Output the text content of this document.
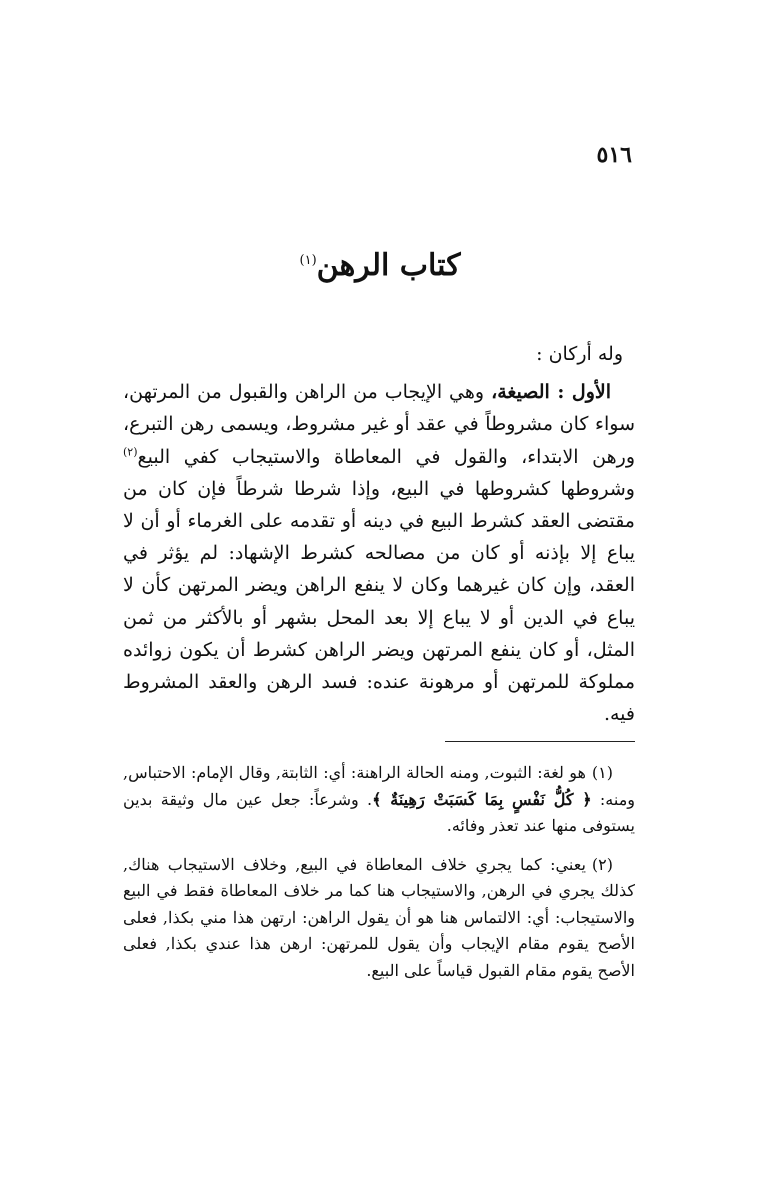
٥١٦
كتاب الرهن$^{(١)}$

وله أركان :

الأول : الصيغة، وهي الإيجاب من الراهن والقبول من المرتهن، سواء كان مشروطاً في عقد أو غير مشروط، ويسمى رهن التبرع، ورهن الابتداء، والقول في المعاطاة والاستيجاب كفي البيع$^{(٢)}$ وشروطها كشروطها في البيع، وإذا شرطا شرطاً فإن كان من مقتضى العقد كشرط البيع في دينه أو تقدمه على الغرماء أو أن لا يباع إلا بإذنه أو كان من مصالحه كشرط الإشهاد: لم يؤثر في العقد، وإن كان غيرهما وكان لا ينفع الراهن ويضر المرتهن كأن لا يباع في الدين أو لا يباع إلا بعد المحل بشهر أو بالأكثر من ثمن المثل، أو كان ينفع المرتهن ويضر الراهن كشرط أن يكون زوائده مملوكة للمرتهن أو مرهونة عنده: فسد الرهن والعقد المشروط فيه.

(١)هو لغة: الثبوت, ومنه الحالة الراهنة: أي: الثابتة, وقال الإمام: الاحتباس, ومنه: ﴿ كُلُّ نَفْسٍ بِمَا كَسَبَتْ رَهِينَةٌ ﴾. وشرعاً: جعل عين مال وثيقة بدين يستوفى منها عند تعذر وفائه.

(٢)يعني: كما يجري خلاف المعاطاة في البيع, وخلاف الاستيجاب هناك, كذلك يجري في الرهن, والاستيجاب هنا كما مر خلاف المعاطاة فقط في البيع والاستيجاب: أي: الالتماس هنا هو أن يقول الراهن: ارتهن هذا مني بكذا, فعلى الأصح يقوم مقام الإيجاب وأن يقول للمرتهن: ارهن هذا عندي بكذا, فعلى الأصح يقوم مقام القبول قياساً على البيع.
